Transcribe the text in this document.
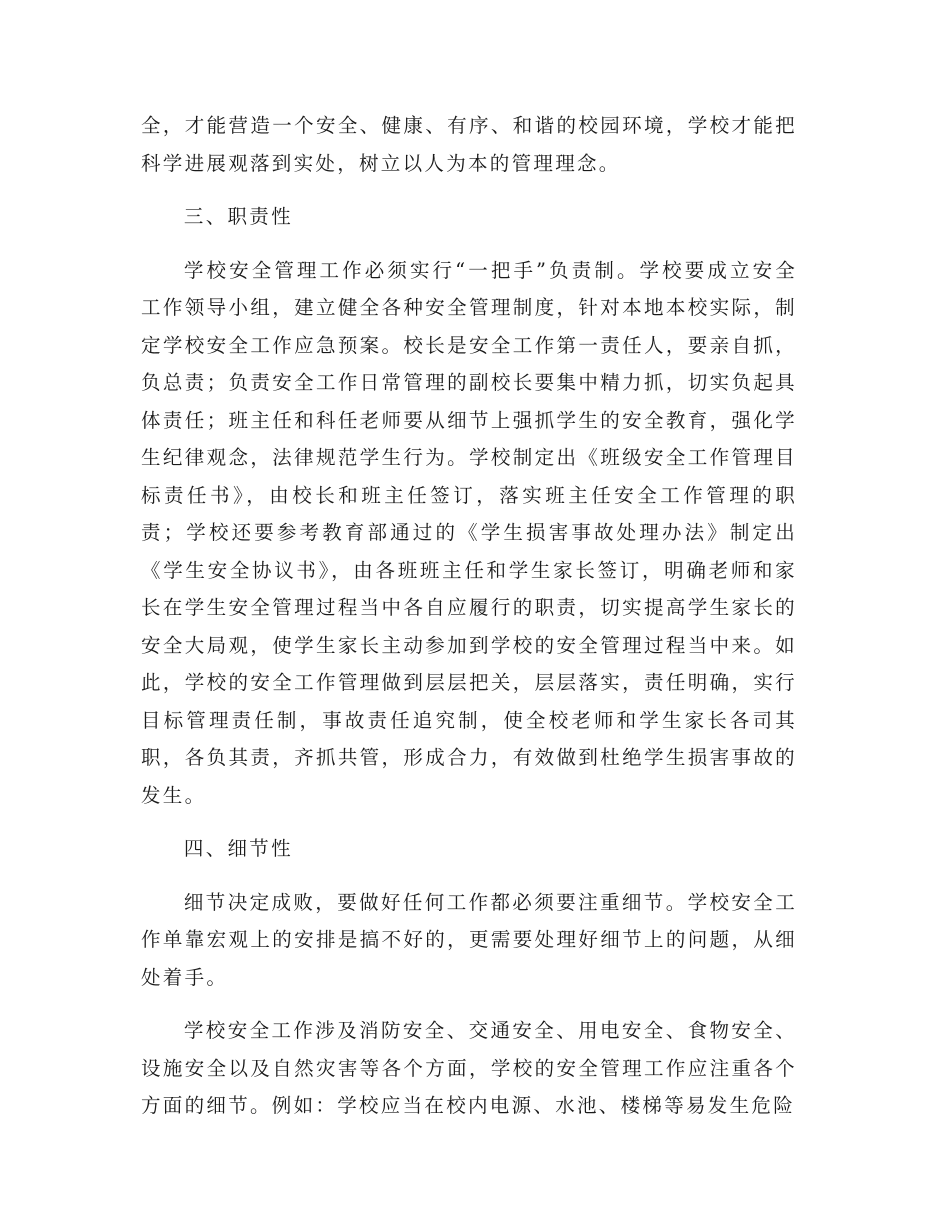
全，才能营造一个安全、健康、有序、和谐的校园环境，学校才能把科学进展观落到实处，树立以人为本的管理理念。

三、职责性

学校安全管理工作必须实行“一把手”负责制。学校要成立安全工作领导小组，建立健全各种安全管理制度，针对本地本校实际，制定学校安全工作应急预案。校长是安全工作第一责任人，要亲自抓，负总责；负责安全工作日常管理的副校长要集中精力抓，切实负起具体责任；班主任和科任老师要从细节上强抓学生的安全教育，强化学生纪律观念，法律规范学生行为。学校制定出《班级安全工作管理目标责任书》，由校长和班主任签订，落实班主任安全工作管理的职责；学校还要参考教育部通过的《学生损害事故处理办法》制定出《学生安全协议书》，由各班班主任和学生家长签订，明确老师和家长在学生安全管理过程当中各自应履行的职责，切实提高学生家长的安全大局观，使学生家长主动参加到学校的安全管理过程当中来。如此，学校的安全工作管理做到层层把关，层层落实，责任明确，实行目标管理责任制，事故责任追究制，使全校老师和学生家长各司其职，各负其责，齐抓共管，形成合力，有效做到杜绝学生损害事故的发生。

四、细节性

细节决定成败，要做好任何工作都必须要注重细节。学校安全工作单靠宏观上的安排是搞不好的，更需要处理好细节上的问题，从细处着手。

学校安全工作涉及消防安全、交通安全、用电安全、食物安全、设施安全以及自然灾害等各个方面，学校的安全管理工作应注重各个方面的细节。例如：学校应当在校内电源、水池、楼梯等易发生危险
